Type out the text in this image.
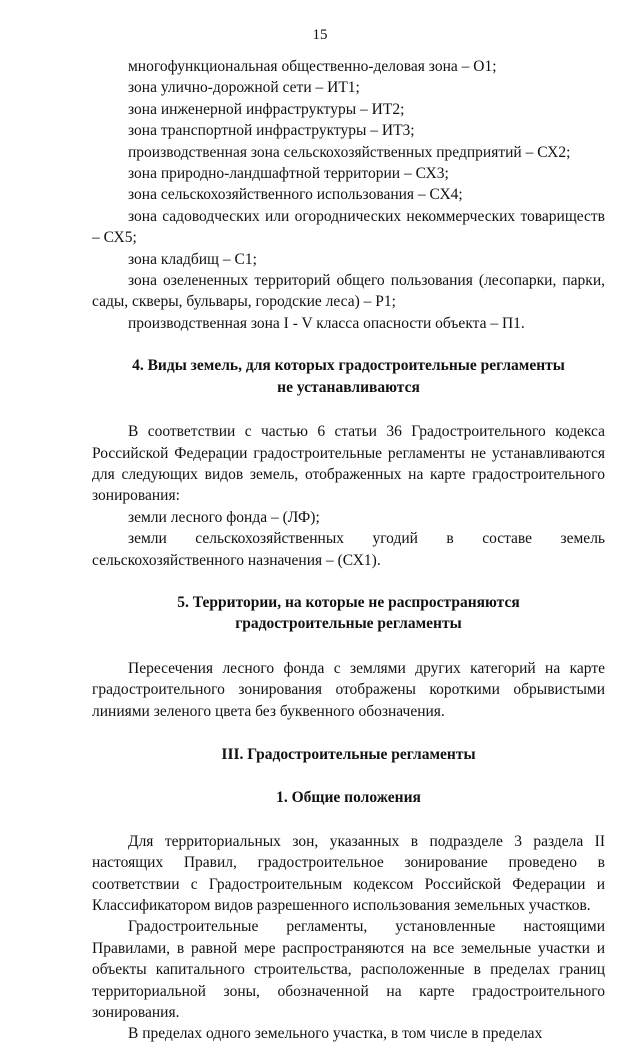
15

многофункциональная общественно-деловая зона – О1;

зона улично-дорожной сети – ИТ1;

зона инженерной инфраструктуры – ИТ2;

зона транспортной инфраструктуры – ИТ3;

производственная зона сельскохозяйственных предприятий – СХ2;

зона природно-ландшафтной территории – СХ3;

зона сельскохозяйственного использования – СХ4;

зона садоводческих или огороднических некоммерческих товариществ – СХ5;

зона кладбищ – С1;

зона озелененных территорий общего пользования (лесопарки, парки, сады, скверы, бульвары, городские леса) – Р1;

производственная зона I - V класса опасности объекта – П1.

4. Виды земель, для которых градостроительные регламенты
не устанавливаются

В соответствии с частью 6 статьи 36 Градостроительного кодекса Российской Федерации градостроительные регламенты не устанавливаются для следующих видов земель, отображенных на карте градостроительного зонирования:

земли лесного фонда – (ЛФ);

земли сельскохозяйственных угодий в составе земель сельскохозяйственного назначения – (СХ1).

5. Территории, на которые не распространяются
градостроительные регламенты

Пересечения лесного фонда с землями других категорий на карте градостроительного зонирования отображены короткими обрывистыми линиями зеленого цвета без буквенного обозначения.

III. Градостроительные регламенты
1. Общие положения

Для территориальных зон, указанных в подразделе 3 раздела II настоящих Правил, градостроительное зонирование проведено в соответствии с Градостроительным кодексом Российской Федерации и Классификатором видов разрешенного использования земельных участков.

Градостроительные регламенты, установленные настоящими Правилами, в равной мере распространяются на все земельные участки и объекты капитального строительства, расположенные в пределах границ территориальной зоны, обозначенной на карте градостроительного зонирования.

В пределах одного земельного участка, в том числе в пределах
